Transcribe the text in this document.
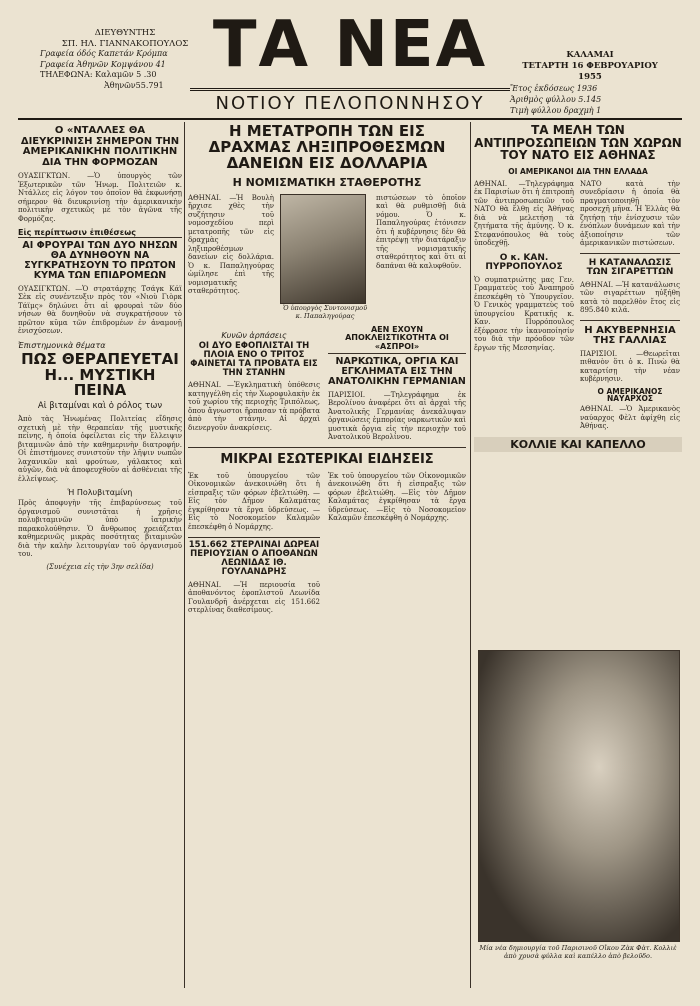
ΔΙΕΥΘΥΝΤΗΣ
ΣΠ. ΗΛ. ΓΙΑΝΝΑΚΟΠΟΥΛΟΣ
Γραφεία όδός Καπετάν Κρόμπα
Γραφεία Ἀθηνῶν Κομψάνου 41
ΤΗΛΕΦΩΝΑ: Καλαμῶν 5 .30
Ἀθηνῶν55.791
ΤΑ ΝΕΑ
ΝΟΤΙΟΥ ΠΕΛΟΠΟΝΝΗΣΟΥ
ΚΑΛΑΜΑΙ
ΤΕΤΑΡΤΗ 16 ΦΕΒΡΟΥΑΡΙΟΥ 1955
Ἔτος ἐκδόσεως 1936
Ἀριθμὸς φύλλου 5.145
Τιμὴ φύλλου δραχμὴ 1
Ο «ΝΤΑΛΛΕΣ ΘΑ ΔΙΕΥΚΡΙΝΙΣΗ ΣΗΜΕΡΟΝ ΤΗΝ ΑΜΕΡΙΚΑΝΙΚΗΝ ΠΟΛΙΤΙΚΗΝ ΔΙΑ ΤΗΝ ΦΟΡΜΟΖΑΝ
ΟΥΑΣΙΓΚΤΩΝ. —Ὁ ὑπουργὸς τῶν Ἐξωτερικῶν τῶν Ἡνωμ. Πολιτειῶν κ. Ντάλλες εἰς λόγον του ὁποῖον θὰ ἐκφωνήσῃ σήμερον θὰ διευκρινίσῃ τὴν ἀμερικανικὴν πολιτικὴν σχετικῶς μὲ τὸν ἀγῶνα τῆς Φορμόζας.
Εἰς περίπτωσιν ἐπιθέσεως
ΑΙ ΦΡΟΥΡΑΙ ΤΩΝ ΔΥΟ ΝΗΣΩΝ ΘΑ ΔΥΝΗΘΟΥΝ ΝΑ ΣΥΓΚΡΑΤΗΣΟΥΝ ΤΟ ΠΡΩΤΟΝ ΚΥΜΑ ΤΩΝ ΕΠΙΔΡΟΜΕΩΝ
ΟΥΑΣΙΓΚΤΩΝ. —Ὁ στρατάρχης Τσάγκ Κάϊ Σὲκ εἰς συνέντευξιν πρὸς τὸν «Νιοὺ Γιὸρκ Τάϊμς» δηλώνει ὅτι αἱ φρουραὶ τῶν δύο νήσων θὰ δυνηθοῦν νὰ συγκρατήσουν τὸ πρῶτον κῦμα τῶν ἐπιδρομέων ἐν ἀναμονῇ ἐνισχύσεων.
Ἐπιστημονικὰ θέματα
ΠΩΣ ΘΕΡΑΠΕΥΕΤΑΙ Η... ΜΥΣΤΙΚΗ ΠΕΙΝΑ
Αἱ βιταμίναι καὶ ὁ ρόλος των
Ἀπὸ τὰς Ἡνωμένας Πολιτείας εἴδησις σχετικὴ μὲ τὴν θεραπείαν τῆς μυστικῆς πείνης, ἡ ὁποία ὀφείλεται εἰς τὴν ἔλλειψιν βιταμινῶν ἀπὸ τὴν καθημερινὴν διατροφήν. Οἱ ἐπιστήμονες συνιστοῦν τὴν λῆψιν νωπῶν λαχανικῶν καὶ φρούτων, γάλακτος καὶ αὐγῶν, διὰ νὰ ἀποφευχθοῦν αἱ ἀσθένειαι τῆς ἐλλείψεως.
Ἡ Πολυβιταμίνη
Πρὸς ἀποφυγὴν τῆς ἐπιβαρύνσεως τοῦ ὀργανισμοῦ συνιστᾶται ἡ χρῆσις πολυβιταμινῶν ὑπὸ ἰατρικὴν παρακολούθησιν. Ὁ ἄνθρωπος χρειάζεται καθημερινῶς μικρὰς ποσότητας βιταμινῶν διὰ τὴν καλὴν λειτουργίαν τοῦ ὀργανισμοῦ του.
(Συνέχεια εἰς τὴν 3ην σελίδα)
Η ΜΕΤΑΤΡΟΠΗ ΤΩΝ ΕΙΣ ΔΡΑΧΜΑΣ ΛΗΞΙΠΡΟΘΕΣΜΩΝ ΔΑΝΕΙΩΝ ΕΙΣ ΔΟΛΛΑΡΙΑ
Η ΝΟΜΙΣΜΑΤΙΚΗ ΣΤΑΘΕΡΟΤΗΣ
ΑΘΗΝΑΙ. —Ἡ Βουλὴ ἤρχισε χθὲς τὴν συζήτησιν τοῦ νομοσχεδίου περὶ μετατροπῆς τῶν εἰς δραχμὰς ληξιπροθέσμων δανείων εἰς δολλάρια. Ὁ κ. Παπαληγούρας ὡμίλησε ἐπὶ τῆς νομισματικῆς σταθερότητος.
Ὁ ὑπουργὸς Συντονισμοῦ κ. Παπαληγούρας
πιστώσεων τὸ ὁποῖον καὶ θὰ ρυθμισθῇ διὰ νόμου. Ὁ κ. Παπαληγούρας ἐτόνισεν ὅτι ἡ κυβέρνησις δὲν θὰ ἐπιτρέψῃ τὴν διατάραξιν τῆς νομισματικῆς σταθερότητος καὶ ὅτι αἱ δαπάναι θὰ καλυφθοῦν.
Κυνῶν ἀρπάσεις
ΟΙ ΔΥΟ ΕΦΟΠΛΙΣΤΑΙ ΤΗ ΠΛΟΙΑ ΕΝΟ Ο ΤΡΙΤΟΣ ΦΑΙΝΕΤΑΙ ΤΑ ΠΡΟΒΑΤΑ ΕΙΣ ΤΗΝ ΣΤΑΝΗΝ
ΑΘΗΝΑΙ. —Ἐγκληματικὴ ὑπόθεσις κατηγγέλθη εἰς τὴν Χωροφυλακὴν ἐκ τοῦ χωρίου τῆς περιοχῆς Τριπόλεως, ὅπου ἄγνωστοι ἥρπασαν τὰ πρόβατα ἀπὸ τὴν στάνην. Αἱ ἀρχαὶ διενεργοῦν ἀνακρίσεις.
ΑΕΝ ΕΧΟΥΝ ΑΠΟΚΛΕΙΣΤΙΚΟΤΗΤΑ ΟΙ «ΑΣΠΡΟΙ»
ΝΑΡΚΩΤΙΚΑ, ΟΡΓΙΑ ΚΑΙ ΕΓΚΛΗΜΑΤΑ ΕΙΣ ΤΗΝ ΑΝΑΤΟΛΙΚΗΝ ΓΕΡΜΑΝΙΑΝ
ΠΑΡΙΣΙΟΙ. —Τηλεγράφημα ἐκ Βερολίνου ἀναφέρει ὅτι αἱ ἀρχαὶ τῆς Ἀνατολικῆς Γερμανίας ἀνεκάλυψαν ὀργανώσεις ἐμπορίας ναρκωτικῶν καὶ μυστικὰ ὄργια εἰς τὴν περιοχὴν τοῦ Ἀνατολικοῦ Βερολίνου.
ΜΙΚΡΑΙ ΕΣΩΤΕΡΙΚΑΙ ΕΙΔΗΣΕΙΣ
Ἐκ τοῦ ὑπουργείου τῶν Οἰκονομικῶν ἀνεκοινώθη ὅτι ἡ εἰσπραξις τῶν φόρων ἐβελτιώθη. —Εἰς τὸν Δῆμον Καλαμάτας ἐγκρίθησαν τὰ ἔργα ὑδρεύσεως. —Εἰς τὸ Νοσοκομεῖον Καλαμῶν ἐπεσκέφθη ὁ Νομάρχης.
151.662 ΣΤΕΡΛΙΝΑΙ ΔΩΡΕΑΙ ΠΕΡΙΟΥΣΙΑΝ Ο ΑΠΟΘΑΝΩΝ ΛΕΩΝΙΔΑΣ ΙΘ. ΓΟΥΛΑΝΔΡΗΣ
ΑΘΗΝΑΙ. —Ἡ περιουσία τοῦ ἀποθανόντος ἐφοπλιστοῦ Λεωνίδα Γουλανδρῆ ἀνέρχεται εἰς 151.662 στερλίνας διαθεσίμους.
Ἐκ τοῦ ὑπουργείου τῶν Οἰκονομικῶν ἀνεκοινώθη ὅτι ἡ εἰσπραξις τῶν φόρων ἐβελτιώθη. —Εἰς τὸν Δῆμον Καλαμάτας ἐγκρίθησαν τὰ ἔργα ὑδρεύσεως. —Εἰς τὸ Νοσοκομεῖον Καλαμῶν ἐπεσκέφθη ὁ Νομάρχης.
ΤΑ ΜΕΛΗ ΤΩΝ ΑΝΤΙΠΡΟΣΩΠΕΙΩΝ ΤΩΝ ΧΩΡΩΝ ΤΟΥ ΝΑΤΟ ΕΙΣ ΑΘΗΝΑΣ
ΟΙ ΑΜΕΡΙΚΑΝΟΙ ΔΙΑ ΤΗΝ ΕΛΛΑΔΑ
ΑΘΗΝΑΙ. —Τηλεγράφημα ἐκ Παρισίων ὅτι ἡ ἐπιτροπὴ τῶν ἀντιπροσωπειῶν τοῦ ΝΑΤΟ θὰ ἔλθῃ εἰς Ἀθήνας διὰ νὰ μελετήσῃ τὰ ζητήματα τῆς ἀμύνης. Ὁ κ. Στεφανόπουλος θὰ τοὺς ὑποδεχθῇ.
Ο κ. ΚΑΝ. ΠΥΡΡΟΠΟΥΛΟΣ
Ὁ συμπατριώτης μας Γεν. Γραμματεὺς τοῦ Ἀναπηροῦ ἐπεσκέφθη τὸ Ὑπουργεῖον. Ὁ Γενικὸς γραμματεὺς τοῦ ὑπουργείου Κρατικῆς κ. Καν. Πυρρόπουλος ἐξέφρασε τὴν ἱκανοποίησίν του διὰ τὴν πρόοδον τῶν ἔργων τῆς Μεσσηνίας.
ΝΑΤΟ κατὰ τὴν συνεδρίασιν ἡ ὁποία θὰ πραγματοποιηθῇ τὸν προσεχῆ μῆνα. Ἡ Ἑλλὰς θὰ ζητήσῃ τὴν ἐνίσχυσιν τῶν ἐνόπλων δυνάμεων καὶ τὴν ἀξιοποίησιν τῶν ἀμερικανικῶν πιστώσεων.
Η ΚΑΤΑΝΑΛΩΣΙΣ ΤΩΝ ΣΙΓΑΡΕΤΤΩΝ
ΑΘΗΝΑΙ. —Ἡ κατανάλωσις τῶν σιγαρέττων ηὐξήθη κατὰ τὸ παρελθὸν ἔτος εἰς 895.840 κιλά.
Η ΑΚΥΒΕΡΝΗΣΙΑ ΤΗΣ ΓΑΛΛΙΑΣ
ΠΑΡΙΣΙΟΙ. —Θεωρεῖται πιθανὸν ὅτι ὁ κ. Πινὼ θὰ καταρτίσῃ τὴν νέαν κυβέρνησιν.
Ο ΑΜΕΡΙΚΑΝΟΣ ΝΑΥΑΡΧΟΣ
ΑΘΗΝΑΙ. —Ὁ Ἀμερικανὸς ναύαρχος Φὲλτ ἀφίχθη εἰς Ἀθήνας.
ΚΟΛΛΙΕ ΚΑΙ ΚΑΠΕΛΛΟ
Μία νέα δημιουργία τοῦ Παρισινοῦ Οἴκου Ζὰκ Φὰτ. Κολλιὲ ἀπὸ χρυσὰ φύλλα καὶ καπέλλο ἀπὸ βελοῦδο.
